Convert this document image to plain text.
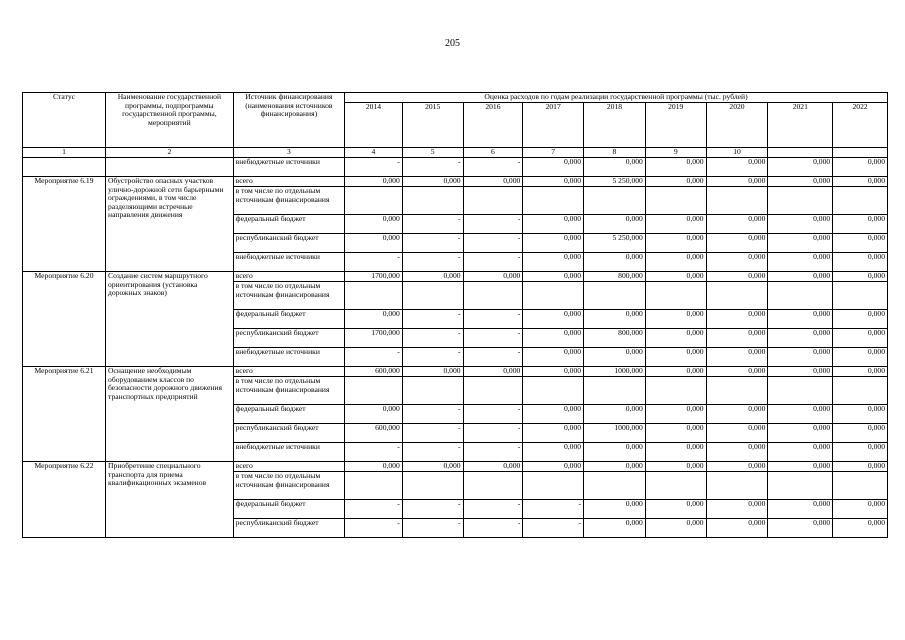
205
Статус	Наименование государственной программы, подпрограммы государственной программы, мероприятий	Источник финансирования (наименования источников финансирования)	Оценка расходов по годам реализации государственной программы (тыс. рублей)								
			2014	2015	2016	2017	2018	2019	2020	2021	2022
1	2	3	4	5	6	7	8	9	10		
		внебюджетные источники	-	-	-	0,000	0,000	0,000	0,000	0,000	0,000
Мероприятие 6.19	Обустройство опасных участков улично-дорожной сети барьерными ограждениями, в том числе разделяющими встречные направления движения	всего	0,000	0,000	0,000	0,000	5 250,000	0,000	0,000	0,000	0,000
		в том числе по отдельным источникам финансирования									
		федеральный бюджет	0,000	-	-	0,000	0,000	0,000	0,000	0,000	0,000
		республиканский бюджет	0,000	-	-	0,000	5 250,000	0,000	0,000	0,000	0,000
		внебюджетные источники	-	-	-	0,000	0,000	0,000	0,000	0,000	0,000
Мероприятие 6.20	Создание систем маршрутного ориентирования (установка дорожных знаков)	всего	1700,000	0,000	0,000	0,000	800,000	0,000	0,000	0,000	0,000
		в том числе по отдельным источникам финансирования									
		федеральный бюджет	0,000	-	-	0,000	0,000	0,000	0,000	0,000	0,000
		республиканский бюджет	1700,000	-	-	0,000	800,000	0,000	0,000	0,000	0,000
		внебюджетные источники	-	-	-	0,000	0,000	0,000	0,000	0,000	0,000
Мероприятие 6.21	Оснащение необходимым оборудованием классов по безопасности дорожного движения транспортных предприятий	всего	600,000	0,000	0,000	0,000	1000,000	0,000	0,000	0,000	0,000
		в том числе по отдельным источникам финансирования									
		федеральный бюджет	0,000	-	-	0,000	0,000	0,000	0,000	0,000	0,000
		республиканский бюджет	600,000	-	-	0,000	1000,000	0,000	0,000	0,000	0,000
		внебюджетные источники	-	-	-	0,000	0,000	0,000	0,000	0,000	0,000
Мероприятие 6.22	Приобретение специального транспорта для приема квалификационных экзаменов	всего	0,000	0,000	0,000	0,000	0,000	0,000	0,000	0,000	0,000
		в том числе по отдельным источникам финансирования									
		федеральный бюджет	-	-	-	-	0,000	0,000	0,000	0,000	0,000
		республиканский бюджет	-	-	-	-	0,000	0,000	0,000	0,000	0,000
